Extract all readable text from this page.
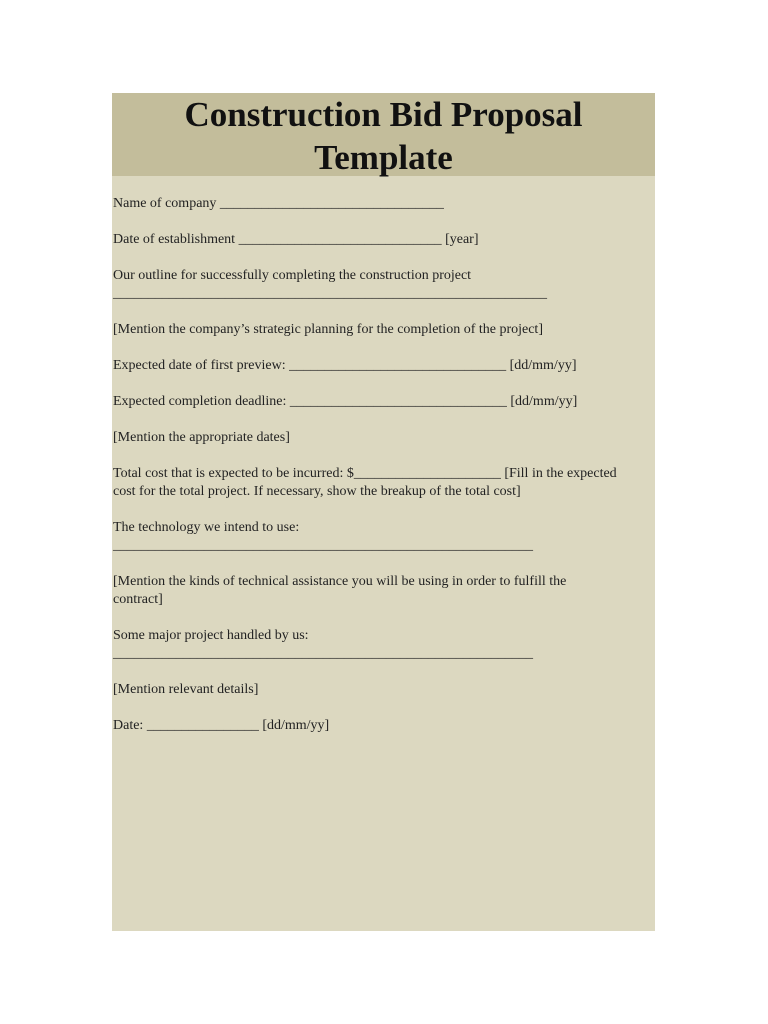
Construction Bid Proposal
Template

Name of company ________________________________

Date of establishment _____________________________ [year]

Our outline for successfully completing the construction project
______________________________________________________________

[Mention the company’s strategic planning for the completion of the project]

Expected date of first preview: _______________________________ [dd/mm/yy]

Expected completion deadline: _______________________________ [dd/mm/yy]

[Mention the appropriate dates]

Total cost that is expected to be incurred: $_____________________ [Fill in the expected
cost for the total project. If necessary, show the breakup of the total cost]

The technology we intend to use:
____________________________________________________________

[Mention the kinds of technical assistance you will be using in order to fulfill the
contract]

Some major project handled by us:
____________________________________________________________

[Mention relevant details]

Date: ________________ [dd/mm/yy]
